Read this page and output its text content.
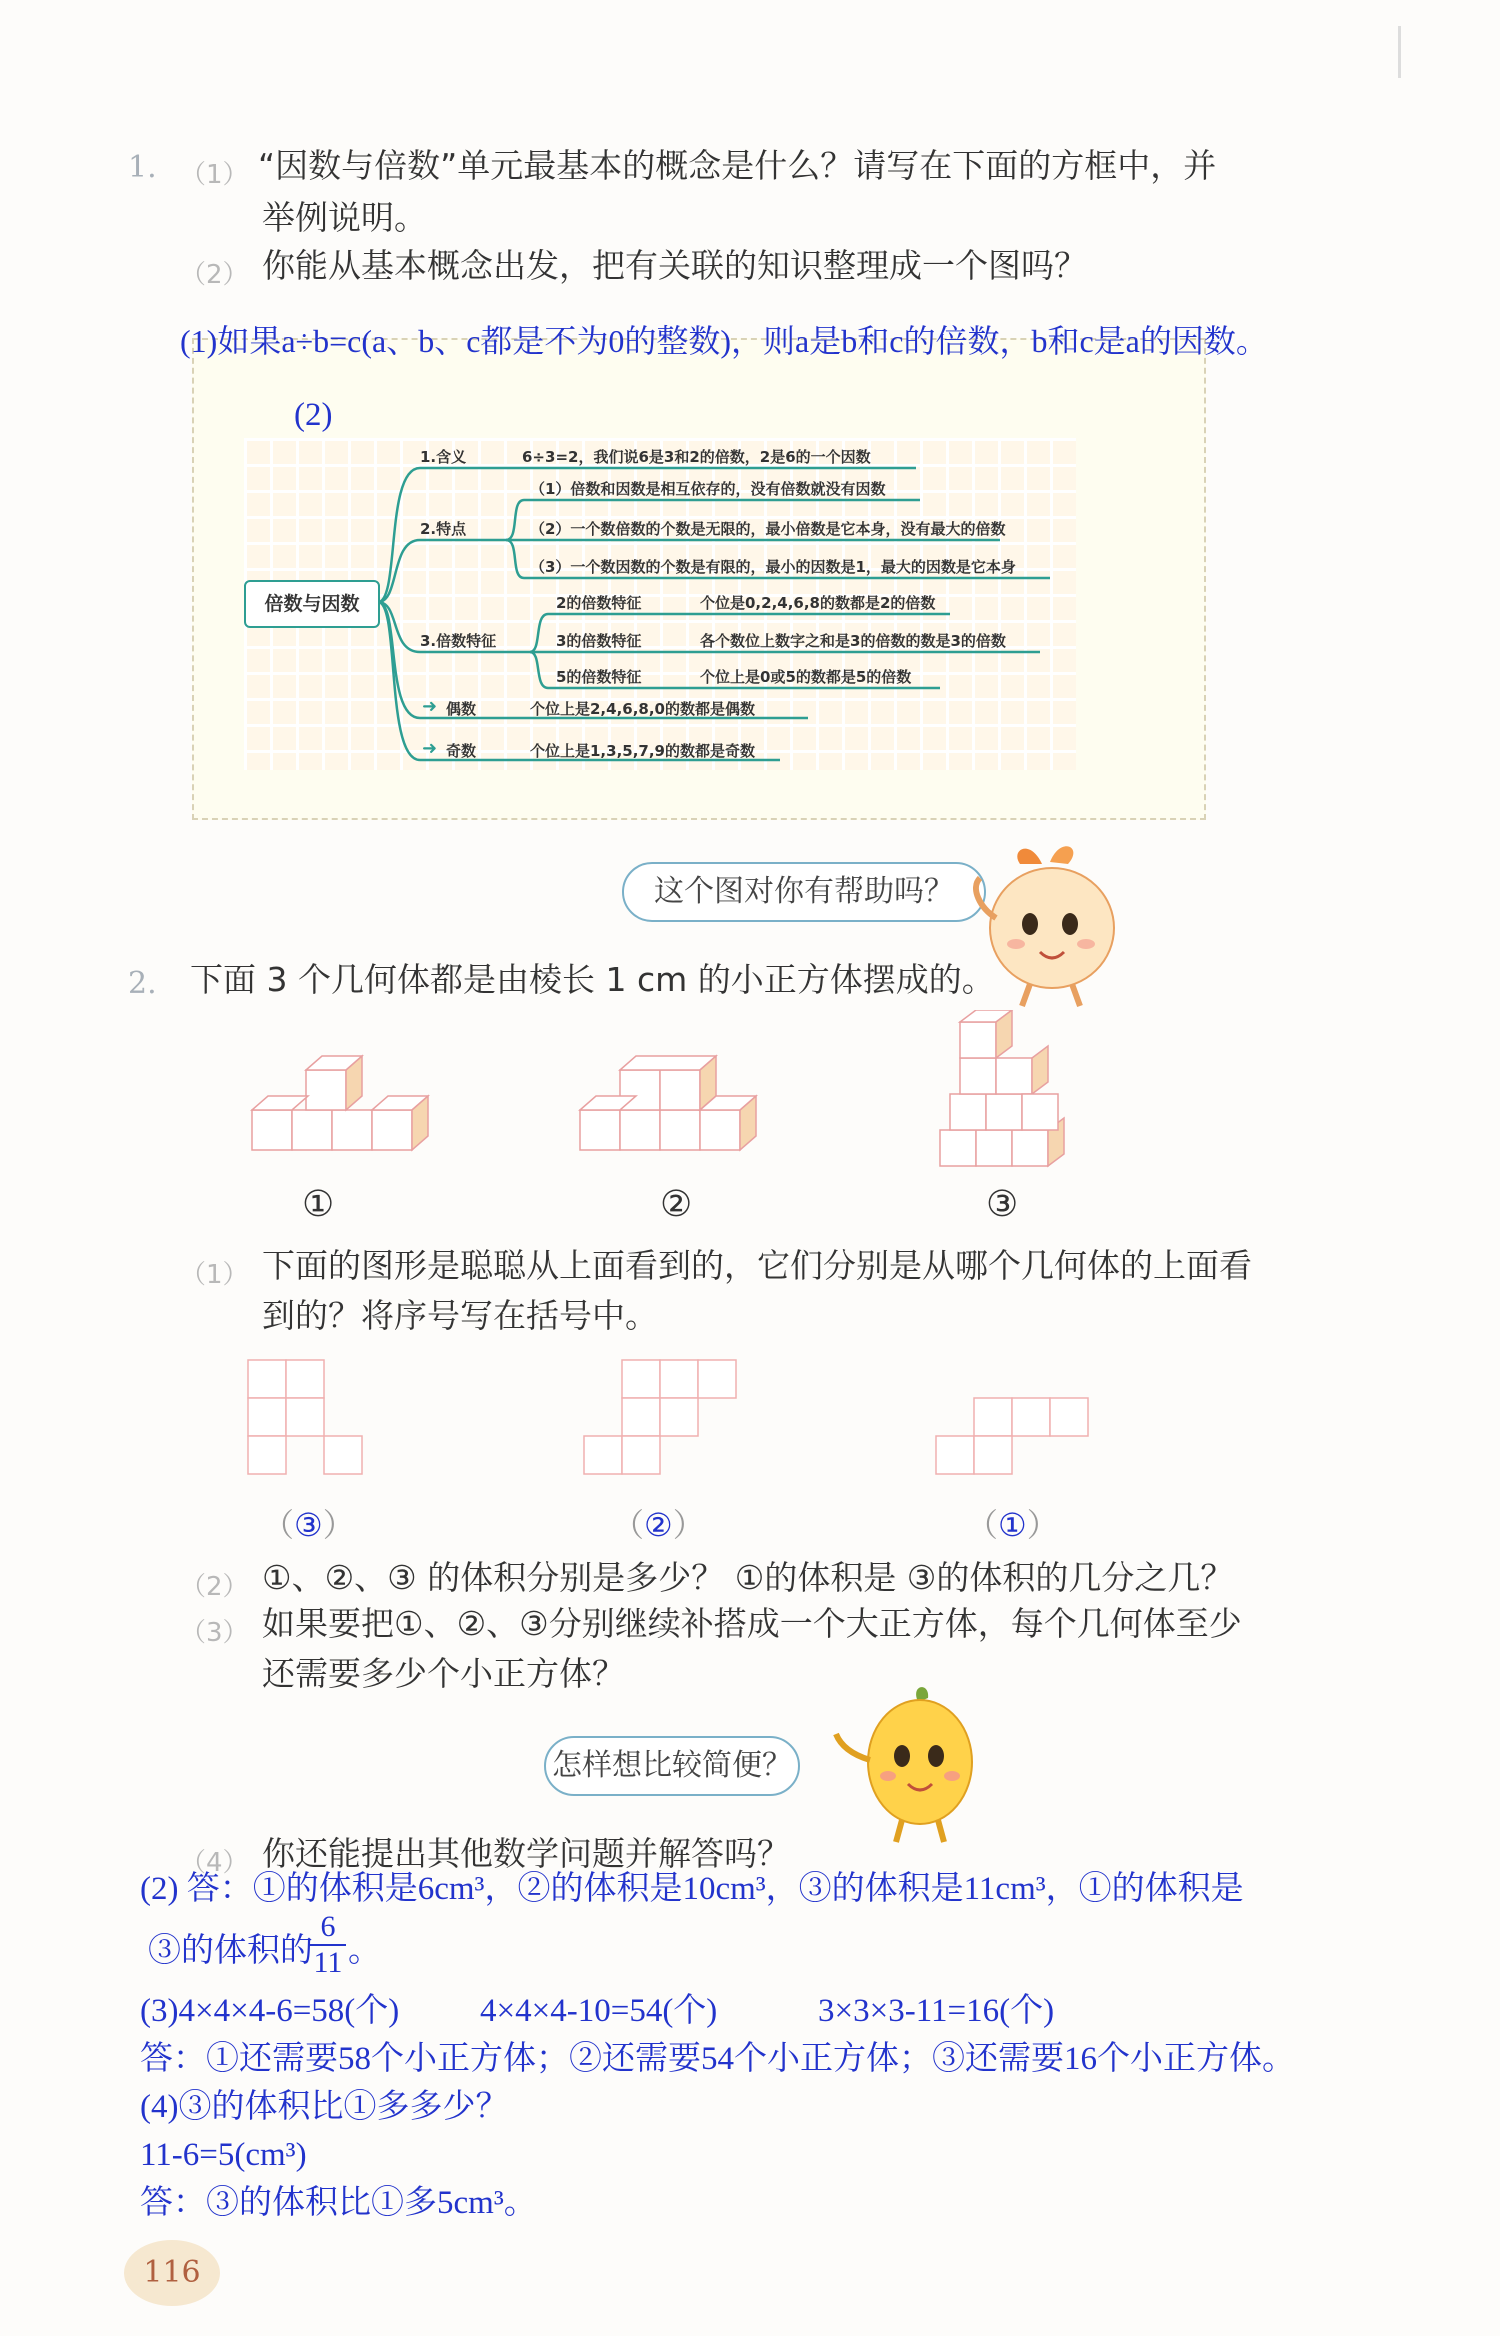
1. （1） “因数与倍数”单元最基本的概念是什么？请写在下面的方框中，并
举例说明。
（2） 你能从基本概念出发，把有关联的知识整理成一个图吗？
(1)如果a÷b=c(a、b、c都是不为0的整数)，则a是b和c的倍数，b和c是a的因数。
(2)
倍数与因数
1.含义	6÷3=2，我们说6是3和2的倍数，2是6的一个因数
2.特点
（1）倍数和因数是相互依存的，没有倍数就没有因数
（2）一个数倍数的个数是无限的，最小倍数是它本身，没有最大的倍数
（3）一个数因数的个数是有限的，最小的因数是1，最大的因数是它本身
3.倍数特征
2的倍数特征	个位是0,2,4,6,8的数都是2的倍数
3的倍数特征	各个数位上数字之和是3的倍数的数是3的倍数
5的倍数特征	个位上是0或5的数都是5的倍数
➜ 偶数	个位上是2,4,6,8,0的数都是偶数
➜ 奇数	个位上是1,3,5,7,9的数都是奇数
这个图对你有帮助吗？
2. 下面 3 个几何体都是由棱长 1 cm 的小正方体摆成的。
①	②	③
（1） 下面的图形是聪聪从上面看到的，它们分别是从哪个几何体的上面看
到的？将序号写在括号中。
（③）	（②）	（①）
（2） ①、②、③ 的体积分别是多少？ ①的体积是 ③的体积的几分之几？
（3） 如果要把①、②、③分别继续补搭成一个大正方体，每个几何体至少
还需要多少个小正方体？
怎样想比较简便？
（4） 你还能提出其他数学问题并解答吗？
(2) 答：①的体积是6cm³，②的体积是10cm³，③的体积是11cm³，①的体积是
③的体积的
$\frac{6}{11}$ 。
(3)4×4×4-6=58(个) 4×4×4-10=54(个)	3×3×3-11=16(个)
答：①还需要58个小正方体；②还需要54个小正方体；③还需要16个小正方体。
(4)③的体积比①多多少？
11-6=5(cm³)
答：③的体积比①多5cm³。
116
